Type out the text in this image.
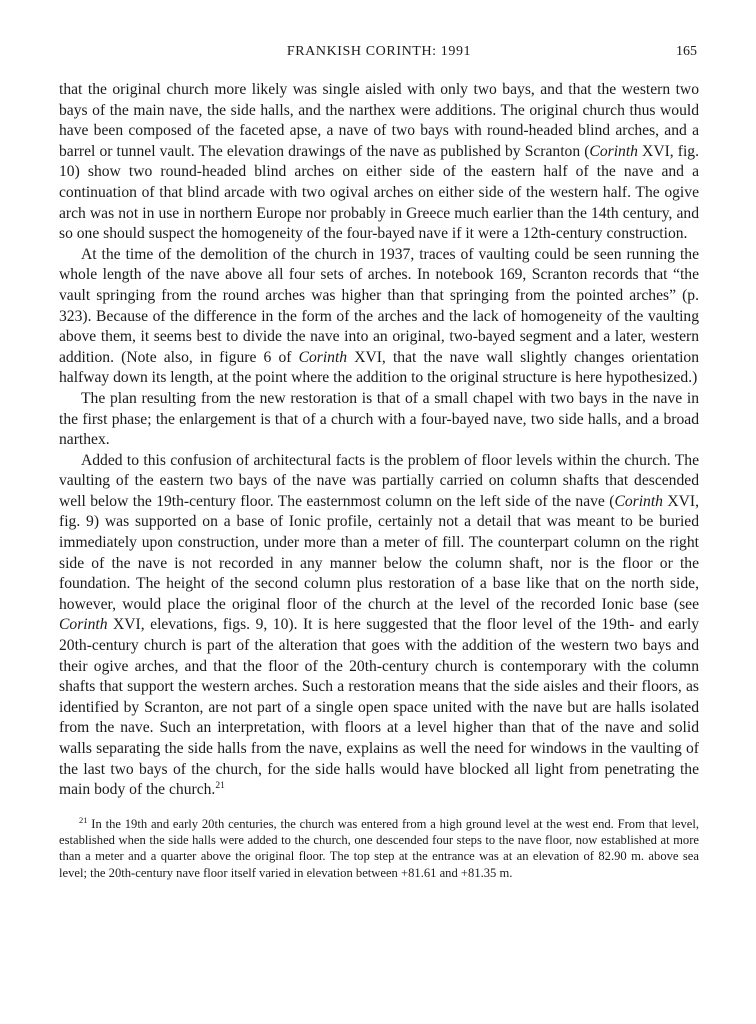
FRANKISH CORINTH: 1991	165

that the original church more likely was single aisled with only two bays, and that the western two bays of the main nave, the side halls, and the narthex were additions. The original church thus would have been composed of the faceted apse, a nave of two bays with round-headed blind arches, and a barrel or tunnel vault. The elevation drawings of the nave as published by Scranton (Corinth XVI, fig. 10) show two round-headed blind arches on either side of the eastern half of the nave and a continuation of that blind arcade with two ogival arches on either side of the western half. The ogive arch was not in use in northern Europe nor probably in Greece much earlier than the 14th century, and so one should suspect the homogeneity of the four-bayed nave if it were a 12th-century construction.

At the time of the demolition of the church in 1937, traces of vaulting could be seen running the whole length of the nave above all four sets of arches. In notebook 169, Scranton records that “the vault springing from the round arches was higher than that springing from the pointed arches” (p. 323). Because of the difference in the form of the arches and the lack of homogeneity of the vaulting above them, it seems best to divide the nave into an original, two-bayed segment and a later, western addition. (Note also, in figure 6 of Corinth XVI, that the nave wall slightly changes orientation halfway down its length, at the point where the addition to the original structure is here hypothesized.)

The plan resulting from the new restoration is that of a small chapel with two bays in the nave in the first phase; the enlargement is that of a church with a four-bayed nave, two side halls, and a broad narthex.

Added to this confusion of architectural facts is the problem of floor levels within the church. The vaulting of the eastern two bays of the nave was partially carried on column shafts that descended well below the 19th-century floor. The easternmost column on the left side of the nave (Corinth XVI, fig. 9) was supported on a base of Ionic profile, certainly not a detail that was meant to be buried immediately upon construction, under more than a meter of fill. The counterpart column on the right side of the nave is not recorded in any manner below the column shaft, nor is the floor or the foundation. The height of the second column plus restoration of a base like that on the north side, however, would place the original floor of the church at the level of the recorded Ionic base (see Corinth XVI, elevations, figs. 9, 10). It is here suggested that the floor level of the 19th- and early 20th-century church is part of the alteration that goes with the addition of the western two bays and their ogive arches, and that the floor of the 20th-century church is contemporary with the column shafts that support the western arches. Such a restoration means that the side aisles and their floors, as identified by Scranton, are not part of a single open space united with the nave but are halls isolated from the nave. Such an interpretation, with floors at a level higher than that of the nave and solid walls separating the side halls from the nave, explains as well the need for windows in the vaulting of the last two bays of the church, for the side halls would have blocked all light from penetrating the main body of the church.$^{21}$

$^{21}$ In the 19th and early 20th centuries, the church was entered from a high ground level at the west end. From that level, established when the side halls were added to the church, one descended four steps to the nave floor, now established at more than a meter and a quarter above the original floor. The top step at the entrance was at an elevation of 82.90 m. above sea level; the 20th-century nave floor itself varied in elevation between +81.61 and +81.35 m.
